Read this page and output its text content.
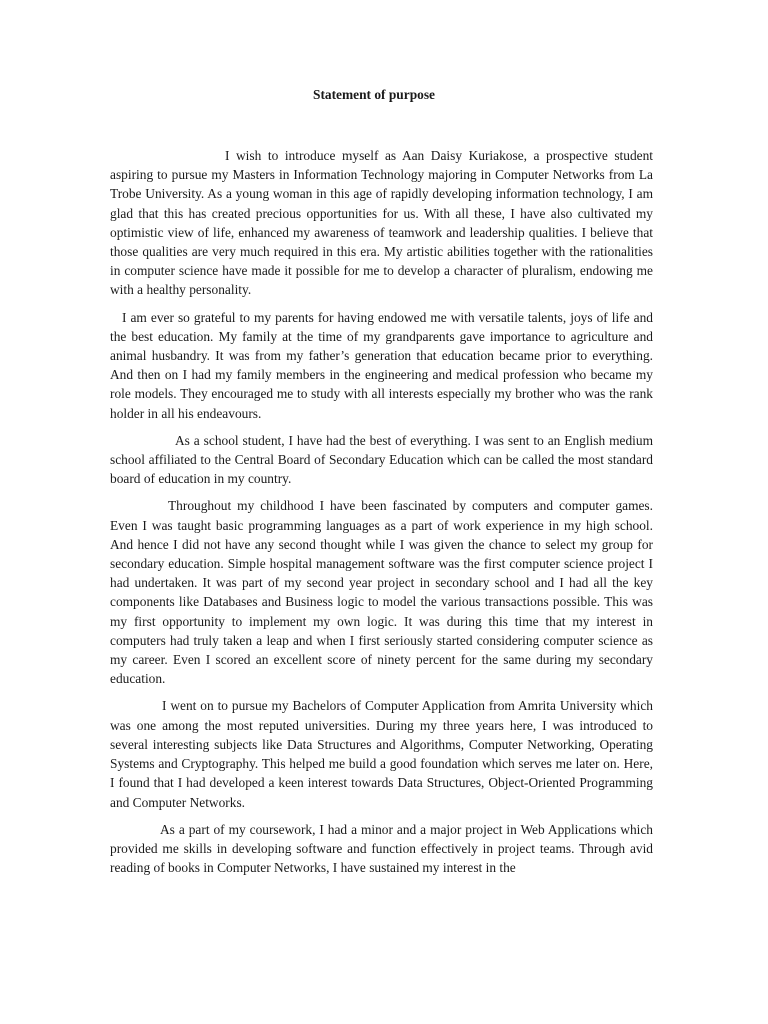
Statement of purpose

I wish to introduce myself as Aan Daisy Kuriakose, a prospective student aspiring to pursue my Masters in Information Technology majoring in Computer Networks from La Trobe University. As a young woman in this age of rapidly developing information technology, I am glad that this has created precious opportunities for us. With all these, I have also cultivated my optimistic view of life, enhanced my awareness of teamwork and leadership qualities. I believe that those qualities are very much required in this era. My artistic abilities together with the rationalities in computer science have made it possible for me to develop a character of pluralism, endowing me with a healthy personality.

I am ever so grateful to my parents for having endowed me with versatile talents, joys of life and the best education. My family at the time of my grandparents gave importance to agriculture and animal husbandry. It was from my father’s generation that education became prior to everything. And then on I had my family members in the engineering and medical profession who became my role models. They encouraged me to study with all interests especially my brother who was the rank holder in all his endeavours.

As a school student, I have had the best of everything. I was sent to an English medium school affiliated to the Central Board of Secondary Education which can be called the most standard board of education in my country.

Throughout my childhood I have been fascinated by computers and computer games. Even I was taught basic programming languages as a part of work experience in my high school. And hence I did not have any second thought while I was given the chance to select my group for secondary education. Simple hospital management software was the first computer science project I had undertaken. It was part of my second year project in secondary school and I had all the key components like Databases and Business logic to model the various transactions possible. This was my first opportunity to implement my own logic. It was during this time that my interest in computers had truly taken a leap and when I first seriously started considering computer science as my career. Even I scored an excellent score of ninety percent for the same during my secondary education.

I went on to pursue my Bachelors of Computer Application from Amrita University which was one among the most reputed universities. During my three years here, I was introduced to several interesting subjects like Data Structures and Algorithms, Computer Networking, Operating Systems and Cryptography. This helped me build a good foundation which serves me later on. Here, I found that I had developed a keen interest towards Data Structures, Object-Oriented Programming and Computer Networks.

As a part of my coursework, I had a minor and a major project in Web Applications which provided me skills in developing software and function effectively in project teams. Through avid reading of books in Computer Networks, I have sustained my interest in the
